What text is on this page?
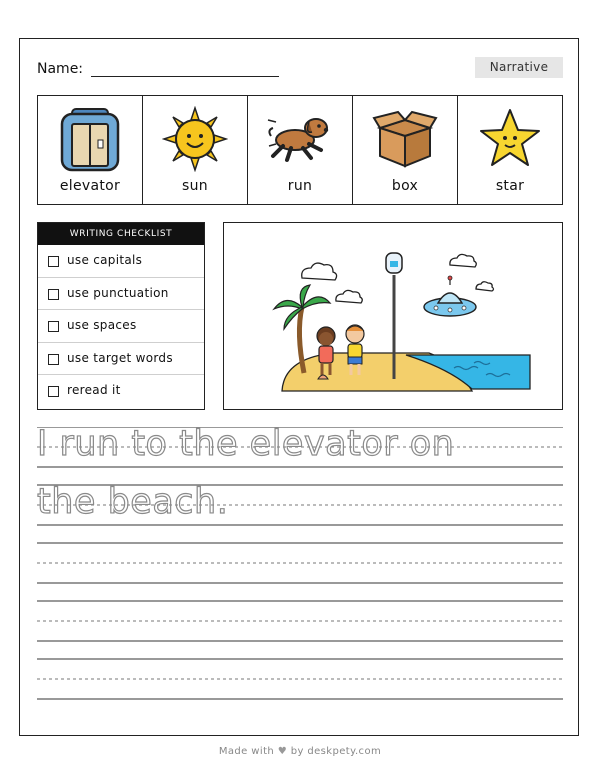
Name:	Narrative
elevator	sun	run	box	star
WRITING CHECKLIST
use capitals
use punctuation
use spaces
use target words
reread it
I run to the elevator on
the beach.
Made with ♥ by deskpety.com
